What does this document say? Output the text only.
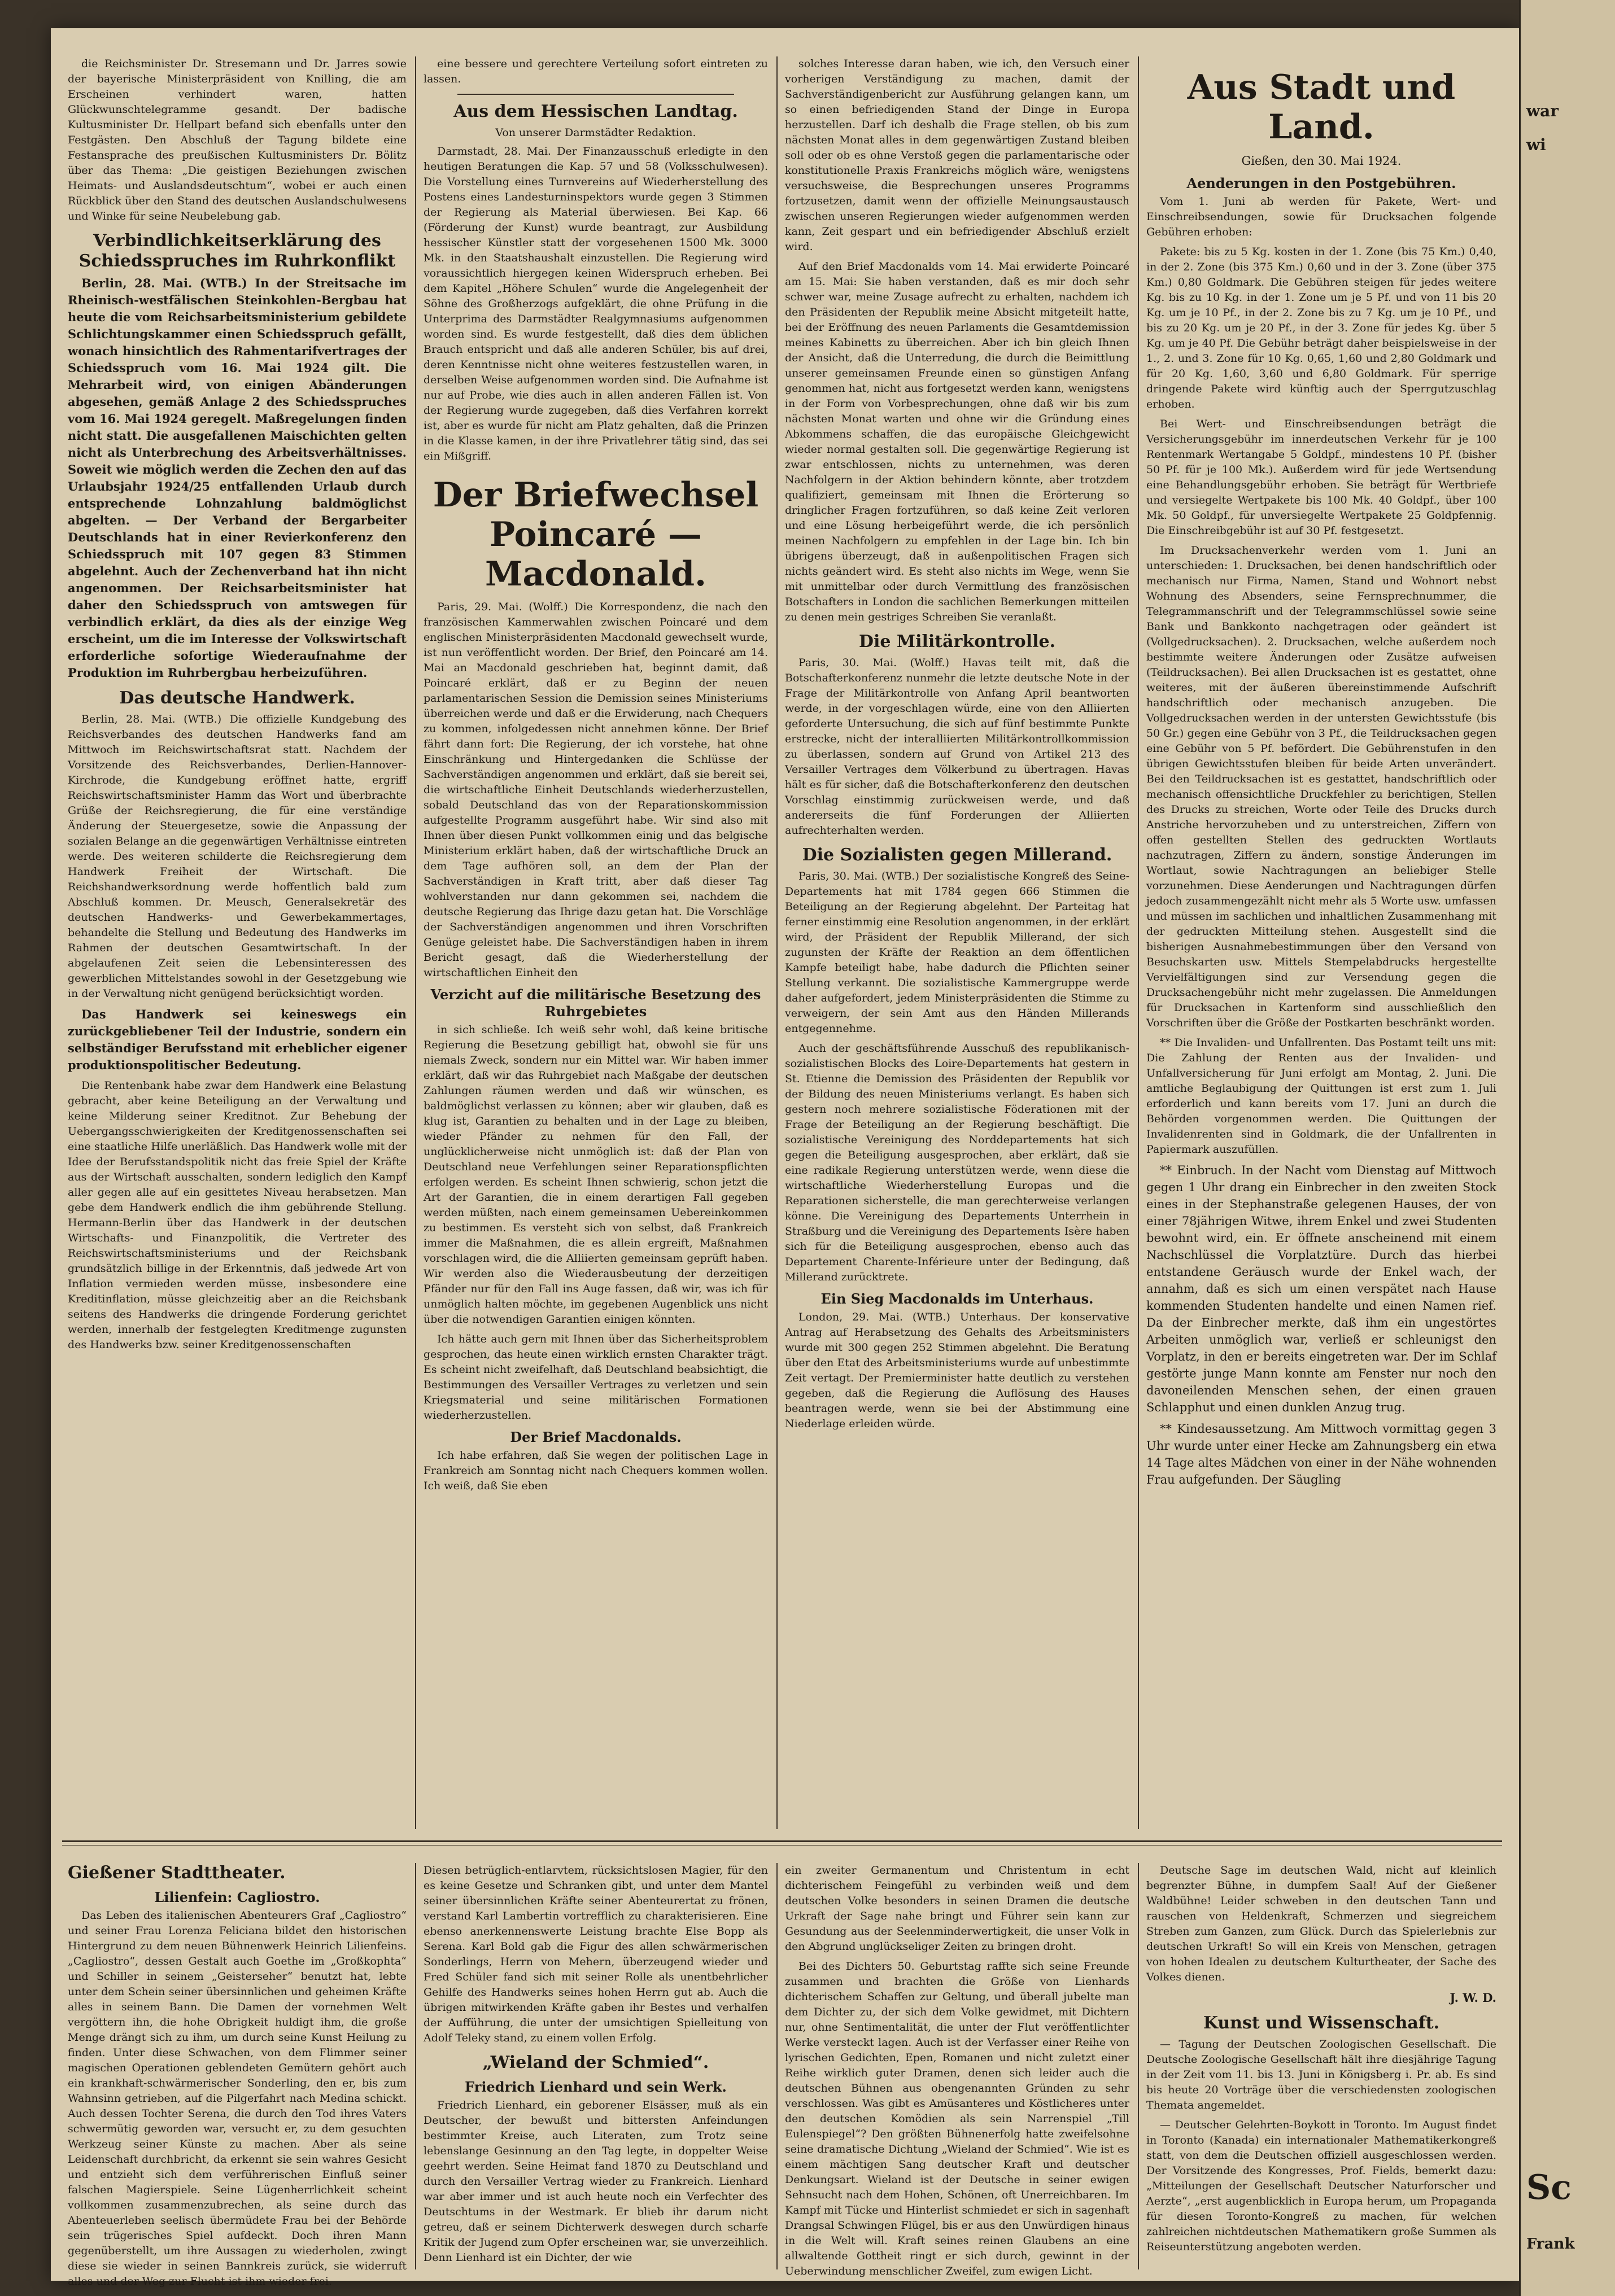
war
wi
Sc
Frank

die Reichsminister Dr. Stresemann und Dr. Jarres sowie der bayerische Ministerpräsident von Knilling, die am Erscheinen verhindert waren, hatten Glückwunschtelegramme gesandt. Der badische Kultusminister Dr. Hellpart befand sich ebenfalls unter den Festgästen. Den Abschluß der Tagung bildete eine Festansprache des preußischen Kultusministers Dr. Bölitz über das Thema: „Die geistigen Beziehungen zwischen Heimats- und Auslandsdeutschtum“, wobei er auch einen Rückblick über den Stand des deutschen Auslandschulwesens und Winke für seine Neubelebung gab.

Verbindlichkeitserklärung des Schiedsspruches im Ruhrkonflikt

Berlin, 28. Mai. (WTB.) In der Streitsache im Rheinisch-westfälischen Steinkohlen-Bergbau hat heute die vom Reichsarbeitsministerium gebildete Schlichtungskammer einen Schiedsspruch gefällt, wonach hinsichtlich des Rahmentarifvertrages der Schiedsspruch vom 16. Mai 1924 gilt. Die Mehrarbeit wird, von einigen Abänderungen abgesehen, gemäß Anlage 2 des Schiedsspruches vom 16. Mai 1924 geregelt. Maßregelungen finden nicht statt. Die ausgefallenen Maischichten gelten nicht als Unterbrechung des Arbeitsverhältnisses. Soweit wie möglich werden die Zechen den auf das Urlaubsjahr 1924/25 entfallenden Urlaub durch entsprechende Lohnzahlung baldmöglichst abgelten. — Der Verband der Bergarbeiter Deutschlands hat in einer Revierkonferenz den Schiedsspruch mit 107 gegen 83 Stimmen abgelehnt. Auch der Zechenverband hat ihn nicht angenommen. Der Reichsarbeitsminister hat daher den Schiedsspruch von amtswegen für verbindlich erklärt, da dies als der einzige Weg erscheint, um die im Interesse der Volkswirtschaft erforderliche sofortige Wiederaufnahme der Produktion im Ruhrbergbau herbeizuführen.

Das deutsche Handwerk.

Berlin, 28. Mai. (WTB.) Die offizielle Kundgebung des Reichsverbandes des deutschen Handwerks fand am Mittwoch im Reichswirtschaftsrat statt. Nachdem der Vorsitzende des Reichsverbandes, Derlien-Hannover-Kirchrode, die Kundgebung eröffnet hatte, ergriff Reichswirtschaftsminister Hamm das Wort und überbrachte Grüße der Reichsregierung, die für eine verständige Änderung der Steuergesetze, sowie die Anpassung der sozialen Belange an die gegenwärtigen Verhältnisse eintreten werde. Des weiteren schilderte die Reichsregierung dem Handwerk Freiheit der Wirtschaft. Die Reichshandwerksordnung werde hoffentlich bald zum Abschluß kommen. Dr. Meusch, Generalsekretär des deutschen Handwerks- und Gewerbekammertages, behandelte die Stellung und Bedeutung des Handwerks im Rahmen der deutschen Gesamtwirtschaft. In der abgelaufenen Zeit seien die Lebensinteressen des gewerblichen Mittelstandes sowohl in der Gesetzgebung wie in der Verwaltung nicht genügend berücksichtigt worden.

Das Handwerk sei keineswegs ein zurückgebliebener Teil der Industrie, sondern ein selbständiger Berufsstand mit erheblicher eigener produktionspolitischer Bedeutung.

Die Rentenbank habe zwar dem Handwerk eine Belastung gebracht, aber keine Beteiligung an der Verwaltung und keine Milderung seiner Kreditnot. Zur Behebung der Uebergangsschwierigkeiten der Kreditgenossenschaften sei eine staatliche Hilfe unerläßlich. Das Handwerk wolle mit der Idee der Berufsstandspolitik nicht das freie Spiel der Kräfte aus der Wirtschaft ausschalten, sondern lediglich den Kampf aller gegen alle auf ein gesittetes Niveau herabsetzen. Man gebe dem Handwerk endlich die ihm gebührende Stellung. Hermann-Berlin über das Handwerk in der deutschen Wirtschafts- und Finanzpolitik, die Vertreter des Reichswirtschaftsministeriums und der Reichsbank grundsätzlich billige in der Erkenntnis, daß jedwede Art von Inflation vermieden werden müsse, insbesondere eine Kreditinflation, müsse gleichzeitig aber an die Reichsbank seitens des Handwerks die dringende Forderung gerichtet werden, innerhalb der festgelegten Kreditmenge zugunsten des Handwerks bzw. seiner Kreditgenossenschaften

eine bessere und gerechtere Verteilung sofort eintreten zu lassen.

Aus dem Hessischen Landtag.
Von unserer Darmstädter Redaktion.

Darmstadt, 28. Mai. Der Finanzausschuß erledigte in den heutigen Beratungen die Kap. 57 und 58 (Volksschulwesen). Die Vorstellung eines Turnvereins auf Wiederherstellung des Postens eines Landesturninspektors wurde gegen 3 Stimmen der Regierung als Material überwiesen. Bei Kap. 66 (Förderung der Kunst) wurde beantragt, zur Ausbildung hessischer Künstler statt der vorgesehenen 1500 Mk. 3000 Mk. in den Staatshaushalt einzustellen. Die Regierung wird voraussichtlich hiergegen keinen Widerspruch erheben. Bei dem Kapitel „Höhere Schulen“ wurde die Angelegenheit der Söhne des Großherzogs aufgeklärt, die ohne Prüfung in die Unterprima des Darmstädter Realgymnasiums aufgenommen worden sind. Es wurde festgestellt, daß dies dem üblichen Brauch entspricht und daß alle anderen Schüler, bis auf drei, deren Kenntnisse nicht ohne weiteres festzustellen waren, in derselben Weise aufgenommen worden sind. Die Aufnahme ist nur auf Probe, wie dies auch in allen anderen Fällen ist. Von der Regierung wurde zugegeben, daß dies Verfahren korrekt ist, aber es wurde für nicht am Platz gehalten, daß die Prinzen in die Klasse kamen, in der ihre Privatlehrer tätig sind, das sei ein Mißgriff.

Der Briefwechsel Poincaré — Macdonald.

Paris, 29. Mai. (Wolff.) Die Korrespondenz, die nach den französischen Kammerwahlen zwischen Poincaré und dem englischen Ministerpräsidenten Macdonald gewechselt wurde, ist nun veröffentlicht worden. Der Brief, den Poincaré am 14. Mai an Macdonald geschrieben hat, beginnt damit, daß Poincaré erklärt, daß er zu Beginn der neuen parlamentarischen Session die Demission seines Ministeriums überreichen werde und daß er die Erwiderung, nach Chequers zu kommen, infolgedessen nicht annehmen könne. Der Brief fährt dann fort: Die Regierung, der ich vorstehe, hat ohne Einschränkung und Hintergedanken die Schlüsse der Sachverständigen angenommen und erklärt, daß sie bereit sei, die wirtschaftliche Einheit Deutschlands wiederherzustellen, sobald Deutschland das von der Reparationskommission aufgestellte Programm ausgeführt habe. Wir sind also mit Ihnen über diesen Punkt vollkommen einig und das belgische Ministerium erklärt haben, daß der wirtschaftliche Druck an dem Tage aufhören soll, an dem der Plan der Sachverständigen in Kraft tritt, aber daß dieser Tag wohlverstanden nur dann gekommen sei, nachdem die deutsche Regierung das Ihrige dazu getan hat. Die Vorschläge der Sachverständigen angenommen und ihren Vorschriften Genüge geleistet habe. Die Sachverständigen haben in ihrem Bericht gesagt, daß die Wiederherstellung der wirtschaftlichen Einheit den

Verzicht auf die militärische Besetzung des Ruhrgebietes

in sich schließe. Ich weiß sehr wohl, daß keine britische Regierung die Besetzung gebilligt hat, obwohl sie für uns niemals Zweck, sondern nur ein Mittel war. Wir haben immer erklärt, daß wir das Ruhrgebiet nach Maßgabe der deutschen Zahlungen räumen werden und daß wir wünschen, es baldmöglichst verlassen zu können; aber wir glauben, daß es klug ist, Garantien zu behalten und in der Lage zu bleiben, wieder Pfänder zu nehmen für den Fall, der unglücklicherweise nicht unmöglich ist: daß der Plan von Deutschland neue Verfehlungen seiner Reparationspflichten erfolgen werden. Es scheint Ihnen schwierig, schon jetzt die Art der Garantien, die in einem derartigen Fall gegeben werden müßten, nach einem gemeinsamen Uebereinkommen zu bestimmen. Es versteht sich von selbst, daß Frankreich immer die Maßnahmen, die es allein ergreift, Maßnahmen vorschlagen wird, die die Alliierten gemeinsam geprüft haben. Wir werden also die Wiederausbeutung der derzeitigen Pfänder nur für den Fall ins Auge fassen, daß wir, was ich für unmöglich halten möchte, im gegebenen Augenblick uns nicht über die notwendigen Garantien einigen könnten.

Ich hätte auch gern mit Ihnen über das Sicherheitsproblem gesprochen, das heute einen wirklich ernsten Charakter trägt. Es scheint nicht zweifelhaft, daß Deutschland beabsichtigt, die Bestimmungen des Versailler Vertrages zu verletzen und sein Kriegsmaterial und seine militärischen Formationen wiederherzustellen.

Der Brief Macdonalds.

Ich habe erfahren, daß Sie wegen der politischen Lage in Frankreich am Sonntag nicht nach Chequers kommen wollen. Ich weiß, daß Sie eben

solches Interesse daran haben, wie ich, den Versuch einer vorherigen Verständigung zu machen, damit der Sachverständigenbericht zur Ausführung gelangen kann, um so einen befriedigenden Stand der Dinge in Europa herzustellen. Darf ich deshalb die Frage stellen, ob bis zum nächsten Monat alles in dem gegenwärtigen Zustand bleiben soll oder ob es ohne Verstoß gegen die parlamentarische oder konstitutionelle Praxis Frankreichs möglich wäre, wenigstens versuchsweise, die Besprechungen unseres Programms fortzusetzen, damit wenn der offizielle Meinungsaustausch zwischen unseren Regierungen wieder aufgenommen werden kann, Zeit gespart und ein befriedigender Abschluß erzielt wird.

Auf den Brief Macdonalds vom 14. Mai erwiderte Poincaré am 15. Mai: Sie haben verstanden, daß es mir doch sehr schwer war, meine Zusage aufrecht zu erhalten, nachdem ich den Präsidenten der Republik meine Absicht mitgeteilt hatte, bei der Eröffnung des neuen Parlaments die Gesamtdemission meines Kabinetts zu überreichen. Aber ich bin gleich Ihnen der Ansicht, daß die Unterredung, die durch die Beimittlung unserer gemeinsamen Freunde einen so günstigen Anfang genommen hat, nicht aus fortgesetzt werden kann, wenigstens in der Form von Vorbesprechungen, ohne daß wir bis zum nächsten Monat warten und ohne wir die Gründung eines Abkommens schaffen, die das europäische Gleichgewicht wieder normal gestalten soll. Die gegenwärtige Regierung ist zwar entschlossen, nichts zu unternehmen, was deren Nachfolgern in der Aktion behindern könnte, aber trotzdem qualifiziert, gemeinsam mit Ihnen die Erörterung so dringlicher Fragen fortzuführen, so daß keine Zeit verloren und eine Lösung herbeigeführt werde, die ich persönlich meinen Nachfolgern zu empfehlen in der Lage bin. Ich bin übrigens überzeugt, daß in außenpolitischen Fragen sich nichts geändert wird. Es steht also nichts im Wege, wenn Sie mit unmittelbar oder durch Vermittlung des französischen Botschafters in London die sachlichen Bemerkungen mitteilen zu denen mein gestriges Schreiben Sie veranlaßt.

Die Militärkontrolle.

Paris, 30. Mai. (Wolff.) Havas teilt mit, daß die Botschafterkonferenz nunmehr die letzte deutsche Note in der Frage der Militärkontrolle von Anfang April beantworten werde, in der vorgeschlagen würde, eine von den Alliierten geforderte Untersuchung, die sich auf fünf bestimmte Punkte erstrecke, nicht der interalliierten Militärkontrollkommission zu überlassen, sondern auf Grund von Artikel 213 des Versailler Vertrages dem Völkerbund zu übertragen. Havas hält es für sicher, daß die Botschafterkonferenz den deutschen Vorschlag einstimmig zurückweisen werde, und daß andererseits die fünf Forderungen der Alliierten aufrechterhalten werden.

Die Sozialisten gegen Millerand.

Paris, 30. Mai. (WTB.) Der sozialistische Kongreß des Seine-Departements hat mit 1784 gegen 666 Stimmen die Beteiligung an der Regierung abgelehnt. Der Parteitag hat ferner einstimmig eine Resolution angenommen, in der erklärt wird, der Präsident der Republik Millerand, der sich zugunsten der Kräfte der Reaktion an dem öffentlichen Kampfe beteiligt habe, habe dadurch die Pflichten seiner Stellung verkannt. Die sozialistische Kammergruppe werde daher aufgefordert, jedem Ministerpräsidenten die Stimme zu verweigern, der sein Amt aus den Händen Millerands entgegennehme.

Auch der geschäftsführende Ausschuß des republikanisch-sozialistischen Blocks des Loire-Departements hat gestern in St. Etienne die Demission des Präsidenten der Republik vor der Bildung des neuen Ministeriums verlangt. Es haben sich gestern noch mehrere sozialistische Föderationen mit der Frage der Beteiligung an der Regierung beschäftigt. Die sozialistische Vereinigung des Norddepartements hat sich gegen die Beteiligung ausgesprochen, aber erklärt, daß sie eine radikale Regierung unterstützen werde, wenn diese die wirtschaftliche Wiederherstellung Europas und die Reparationen sicherstelle, die man gerechterweise verlangen könne. Die Vereinigung des Departements Unterrhein in Straßburg und die Vereinigung des Departements Isère haben sich für die Beteiligung ausgesprochen, ebenso auch das Departement Charente-Inférieure unter der Bedingung, daß Millerand zurücktrete.

Ein Sieg Macdonalds im Unterhaus.

London, 29. Mai. (WTB.) Unterhaus. Der konservative Antrag auf Herabsetzung des Gehalts des Arbeitsministers wurde mit 300 gegen 252 Stimmen abgelehnt. Die Beratung über den Etat des Arbeitsministeriums wurde auf unbestimmte Zeit vertagt. Der Premierminister hatte deutlich zu verstehen gegeben, daß die Regierung die Auflösung des Hauses beantragen werde, wenn sie bei der Abstimmung eine Niederlage erleiden würde.

Aus Stadt und Land.
Gießen, den 30. Mai 1924.
Aenderungen in den Postgebühren.

Vom 1. Juni ab werden für Pakete, Wert- und Einschreibsendungen, sowie für Drucksachen folgende Gebühren erhoben:

Pakete: bis zu 5 Kg. kosten in der 1. Zone (bis 75 Km.) 0,40, in der 2. Zone (bis 375 Km.) 0,60 und in der 3. Zone (über 375 Km.) 0,80 Goldmark. Die Gebühren steigen für jedes weitere Kg. bis zu 10 Kg. in der 1. Zone um je 5 Pf. und von 11 bis 20 Kg. um je 10 Pf., in der 2. Zone bis zu 7 Kg. um je 10 Pf., und bis zu 20 Kg. um je 20 Pf., in der 3. Zone für jedes Kg. über 5 Kg. um je 40 Pf. Die Gebühr beträgt daher beispielsweise in der 1., 2. und 3. Zone für 10 Kg. 0,65, 1,60 und 2,80 Goldmark und für 20 Kg. 1,60, 3,60 und 6,80 Goldmark. Für sperrige dringende Pakete wird künftig auch der Sperrgutzuschlag erhoben.

Bei Wert- und Einschreibsendungen beträgt die Versicherungsgebühr im innerdeutschen Verkehr für je 100 Rentenmark Wertangabe 5 Goldpf., mindestens 10 Pf. (bisher 50 Pf. für je 100 Mk.). Außerdem wird für jede Wertsendung eine Behandlungsgebühr erhoben. Sie beträgt für Wertbriefe und versiegelte Wertpakete bis 100 Mk. 40 Goldpf., über 100 Mk. 50 Goldpf., für unversiegelte Wertpakete 25 Goldpfennig. Die Einschreibgebühr ist auf 30 Pf. festgesetzt.

Im Drucksachenverkehr werden vom 1. Juni an unterschieden: 1. Drucksachen, bei denen handschriftlich oder mechanisch nur Firma, Namen, Stand und Wohnort nebst Wohnung des Absenders, seine Fernsprechnummer, die Telegrammanschrift und der Telegrammschlüssel sowie seine Bank und Bankkonto nachgetragen oder geändert ist (Vollgedrucksachen). 2. Drucksachen, welche außerdem noch bestimmte weitere Änderungen oder Zusätze aufweisen (Teildrucksachen). Bei allen Drucksachen ist es gestattet, ohne weiteres, mit der äußeren übereinstimmende Aufschrift handschriftlich oder mechanisch anzugeben. Die Vollgedrucksachen werden in der untersten Gewichtsstufe (bis 50 Gr.) gegen eine Gebühr von 3 Pf., die Teildrucksachen gegen eine Gebühr von 5 Pf. befördert. Die Gebührenstufen in den übrigen Gewichtsstufen bleiben für beide Arten unverändert. Bei den Teildrucksachen ist es gestattet, handschriftlich oder mechanisch offensichtliche Druckfehler zu berichtigen, Stellen des Drucks zu streichen, Worte oder Teile des Drucks durch Anstriche hervorzuheben und zu unterstreichen, Ziffern von offen gestellten Stellen des gedruckten Wortlauts nachzutragen, Ziffern zu ändern, sonstige Änderungen im Wortlaut, sowie Nachtragungen an beliebiger Stelle vorzunehmen. Diese Aenderungen und Nachtragungen dürfen jedoch zusammengezählt nicht mehr als 5 Worte usw. umfassen und müssen im sachlichen und inhaltlichen Zusammenhang mit der gedruckten Mitteilung stehen. Ausgestellt sind die bisherigen Ausnahmebestimmungen über den Versand von Besuchskarten usw. Mittels Stempelabdrucks hergestellte Vervielfältigungen sind zur Versendung gegen die Drucksachengebühr nicht mehr zugelassen. Die Anmeldungen für Drucksachen in Kartenform sind ausschließlich den Vorschriften über die Größe der Postkarten beschränkt worden.

** Die Invaliden- und Unfallrenten. Das Postamt teilt uns mit: Die Zahlung der Renten aus der Invaliden- und Unfallversicherung für Juni erfolgt am Montag, 2. Juni. Die amtliche Beglaubigung der Quittungen ist erst zum 1. Juli erforderlich und kann bereits vom 17. Juni an durch die Behörden vorgenommen werden. Die Quittungen der Invalidenrenten sind in Goldmark, die der Unfallrenten in Papiermark auszufüllen.

** Einbruch. In der Nacht vom Dienstag auf Mittwoch gegen 1 Uhr drang ein Einbrecher in den zweiten Stock eines in der Stephanstraße gelegenen Hauses, der von einer 78jährigen Witwe, ihrem Enkel und zwei Studenten bewohnt wird, ein. Er öffnete anscheinend mit einem Nachschlüssel die Vorplatztüre. Durch das hierbei entstandene Geräusch wurde der Enkel wach, der annahm, daß es sich um einen verspätet nach Hause kommenden Studenten handelte und einen Namen rief. Da der Einbrecher merkte, daß ihm ein ungestörtes Arbeiten unmöglich war, verließ er schleunigst den Vorplatz, in den er bereits eingetreten war. Der im Schlaf gestörte junge Mann konnte am Fenster nur noch den davoneilenden Menschen sehen, der einen grauen Schlapphut und einen dunklen Anzug trug.

** Kindesaussetzung. Am Mittwoch vormittag gegen 3 Uhr wurde unter einer Hecke am Zahnungsberg ein etwa 14 Tage altes Mädchen von einer in der Nähe wohnenden Frau aufgefunden. Der Säugling

Gießener Stadttheater.
Lilienfein: Cagliostro.

Das Leben des italienischen Abenteurers Graf „Cagliostro“ und seiner Frau Lorenza Feliciana bildet den historischen Hintergrund zu dem neuen Bühnenwerk Heinrich Lilienfeins. „Cagliostro“, dessen Gestalt auch Goethe im „Großkophta“ und Schiller in seinem „Geisterseher“ benutzt hat, lebte unter dem Schein seiner übersinnlichen und geheimen Kräfte alles in seinem Bann. Die Damen der vornehmen Welt vergöttern ihn, die hohe Obrigkeit huldigt ihm, die große Menge drängt sich zu ihm, um durch seine Kunst Heilung zu finden. Unter diese Schwachen, von dem Flimmer seiner magischen Operationen geblendeten Gemütern gehört auch ein krankhaft-schwärmerischer Sonderling, den er, bis zum Wahnsinn getrieben, auf die Pilgerfahrt nach Medina schickt. Auch dessen Tochter Serena, die durch den Tod ihres Vaters schwermütig geworden war, versucht er, zu dem gesuchten Werkzeug seiner Künste zu machen. Aber als seine Leidenschaft durchbricht, da erkennt sie sein wahres Gesicht und entzieht sich dem verführerischen Einfluß seiner falschen Magierspiele. Seine Lügenherrlichkeit scheint vollkommen zusammenzubrechen, als seine durch das Abenteuerleben seelisch übermüdete Frau bei der Behörde sein trügerisches Spiel aufdeckt. Doch ihren Mann gegenüberstellt, um ihre Aussagen zu wiederholen, zwingt diese sie wieder in seinen Bannkreis zurück, sie widerruft alles und der Weg zur Flucht ist ihm wieder frei.

Diesen betrüglich-entlarvtem, rücksichtslosen Magier, für den es keine Gesetze und Schranken gibt, und unter dem Mantel seiner übersinnlichen Kräfte seiner Abenteurertat zu frönen, verstand Karl Lambertin vortrefflich zu charakterisieren. Eine ebenso anerkennenswerte Leistung brachte Else Bopp als Serena. Karl Bold gab die Figur des allen schwärmerischen Sonderlings, Herrn von Mehern, überzeugend wieder und Fred Schüler fand sich mit seiner Rolle als unentbehrlicher Gehilfe des Handwerks seines hohen Herrn gut ab. Auch die übrigen mitwirkenden Kräfte gaben ihr Bestes und verhalfen der Aufführung, die unter der umsichtigen Spielleitung von Adolf Teleky stand, zu einem vollen Erfolg.

„Wieland der Schmied“.
Friedrich Lienhard und sein Werk.

Friedrich Lienhard, ein geborener Elsässer, muß als ein Deutscher, der bewußt und bittersten Anfeindungen bestimmter Kreise, auch Literaten, zum Trotz seine lebenslange Gesinnung an den Tag legte, in doppelter Weise geehrt werden. Seine Heimat fand 1870 zu Deutschland und durch den Versailler Vertrag wieder zu Frankreich. Lienhard war aber immer und ist auch heute noch ein Verfechter des Deutschtums in der Westmark. Er blieb ihr darum nicht getreu, daß er seinem Dichterwerk deswegen durch scharfe Kritik der Jugend zum Opfer erscheinen war, sie unverzeihlich. Denn Lienhard ist ein Dichter, der wie

ein zweiter Germanentum und Christentum in echt dichterischem Feingefühl zu verbinden weiß und dem deutschen Volke besonders in seinen Dramen die deutsche Urkraft der Sage nahe bringt und Führer sein kann zur Gesundung aus der Seelenminderwertigkeit, die unser Volk in den Abgrund unglückseliger Zeiten zu bringen droht.

Bei des Dichters 50. Geburtstag raffte sich seine Freunde zusammen und brachten die Größe von Lienhards dichterischem Schaffen zur Geltung, und überall jubelte man dem Dichter zu, der sich dem Volke gewidmet, mit Dichtern nur, ohne Sentimentalität, die unter der Flut veröffentlichter Werke versteckt lagen. Auch ist der Verfasser einer Reihe von lyrischen Gedichten, Epen, Romanen und nicht zuletzt einer Reihe wirklich guter Dramen, denen sich leider auch die deutschen Bühnen aus obengenannten Gründen zu sehr verschlossen. Was gibt es Amüsanteres und Köstlicheres unter den deutschen Komödien als sein Narrenspiel „Till Eulenspiegel“? Den größten Bühnenerfolg hatte zweifelsohne seine dramatische Dichtung „Wieland der Schmied“. Wie ist es einem mächtigen Sang deutscher Kraft und deutscher Denkungsart. Wieland ist der Deutsche in seiner ewigen Sehnsucht nach dem Hohen, Schönen, oft Unerreichbaren. Im Kampf mit Tücke und Hinterlist schmiedet er sich in sagenhaft Drangsal Schwingen Flügel, bis er aus den Unwürdigen hinaus in die Welt will. Kraft seines reinen Glaubens an eine allwaltende Gottheit ringt er sich durch, gewinnt in der Ueberwindung menschlicher Zweifel, zum ewigen Licht.

Deutsche Sage im deutschen Wald, nicht auf kleinlich begrenzter Bühne, in dumpfem Saal! Auf der Gießener Waldbühne! Leider schweben in den deutschen Tann und rauschen von Heldenkraft, Schmerzen und siegreichem Streben zum Ganzen, zum Glück. Durch das Spielerlebnis zur deutschen Urkraft! So will ein Kreis von Menschen, getragen von hohen Idealen zu deutschem Kulturtheater, der Sache des Volkes dienen.

J. W. D.
Kunst und Wissenschaft.

— Tagung der Deutschen Zoologischen Gesellschaft. Die Deutsche Zoologische Gesellschaft hält ihre diesjährige Tagung in der Zeit vom 11. bis 13. Juni in Königsberg i. Pr. ab. Es sind bis heute 20 Vorträge über die verschiedensten zoologischen Themata angemeldet.

— Deutscher Gelehrten-Boykott in Toronto. Im August findet in Toronto (Kanada) ein internationaler Mathematikerkongreß statt, von dem die Deutschen offiziell ausgeschlossen werden. Der Vorsitzende des Kongresses, Prof. Fields, bemerkt dazu: „Mitteilungen der Gesellschaft Deutscher Naturforscher und Aerzte“, „erst augenblicklich in Europa herum, um Propaganda für diesen Toronto-Kongreß zu machen, für welchen zahlreichen nichtdeutschen Mathematikern große Summen als Reiseunterstützung angeboten werden.
